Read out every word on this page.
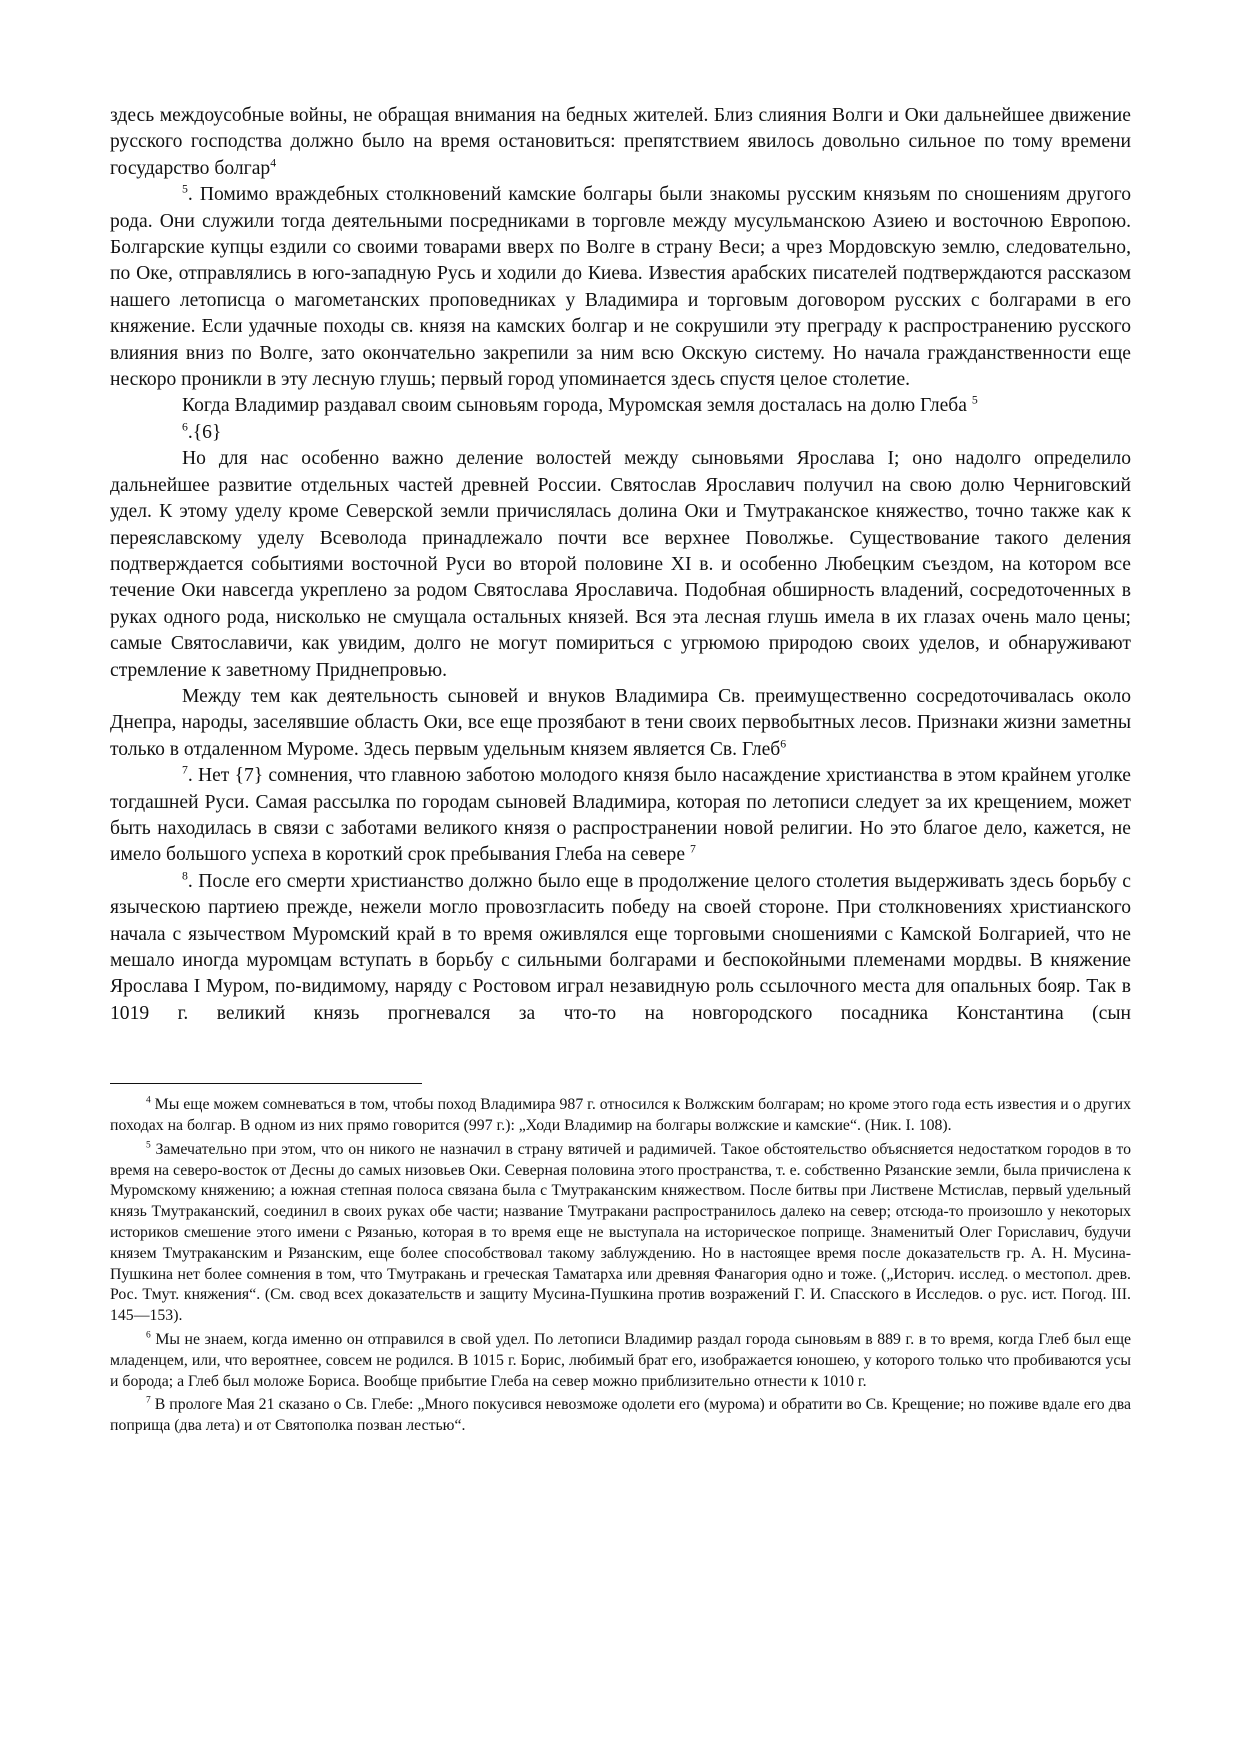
здесь междоусобные войны, не обращая внимания на бедных жителей. Близ слияния Волги и Оки дальнейшее движение русского господства должно было на время остановиться: препятствием явилось довольно сильное по тому времени государство болгар$^4$

$^5$. Помимо враждебных столкновений камские болгары были знакомы русским князьям по сношениям другого рода. Они служили тогда деятельными посредниками в торговле между мусульманскою Азиею и восточною Европою. Болгарские купцы ездили со своими товарами вверх по Волге в страну Веси; а чрез Мордовскую землю, следовательно, по Оке, отправлялись в юго-западную Русь и ходили до Киева. Известия арабских писателей подтверждаются рассказом нашего летописца о магометанских проповедниках у Владимира и торговым договором русских с болгарами в его княжение. Если удачные походы св. князя на камских болгар и не сокрушили эту преграду к распространению русского влияния вниз по Волге, зато окончательно закрепили за ним всю Окскую систему. Но начала гражданственности еще нескоро проникли в эту лесную глушь; первый город упоминается здесь спустя целое столетие.

Когда Владимир раздавал своим сыновьям города, Муромская земля досталась на долю Глеба $^5$

$^6$.{6}

Но для нас особенно важно деление волостей между сыновьями Ярослава I; оно надолго определило дальнейшее развитие отдельных частей древней России. Святослав Ярославич получил на свою долю Черниговский удел. К этому уделу кроме Северской земли причислялась долина Оки и Тмутраканское княжество, точно также как к переяславскому уделу Всеволода принадлежало почти все верхнее Поволжье. Существование такого деления подтверждается событиями восточной Руси во второй половине XI в. и особенно Любецким съездом, на котором все течение Оки навсегда укреплено за родом Святослава Ярославича. Подобная обширность владений, сосредоточенных в руках одного рода, нисколько не смущала остальных князей. Вся эта лесная глушь имела в их глазах очень мало цены; самые Святославичи, как увидим, долго не могут помириться с угрюмою природою своих уделов, и обнаруживают стремление к заветному Приднепровью.

Между тем как деятельность сыновей и внуков Владимира Св. преимущественно сосредоточивалась около Днепра, народы, заселявшие область Оки, все еще прозябают в тени своих первобытных лесов. Признаки жизни заметны только в отдаленном Муроме. Здесь первым удельным князем является Св. Глеб$^6$

$^7$. Нет {7} сомнения, что главною заботою молодого князя было насаждение христианства в этом крайнем уголке тогдашней Руси. Самая рассылка по городам сыновей Владимира, которая по летописи следует за их крещением, может быть находилась в связи с заботами великого князя о распространении новой религии. Но это благое дело, кажется, не имело большого успеха в короткий срок пребывания Глеба на севере $^7$

$^8$. После его смерти христианство должно было еще в продолжение целого столетия выдерживать здесь борьбу с языческою партиею прежде, нежели могло провозгласить победу на своей стороне. При столкновениях христианского начала с язычеством Муромский край в то время оживлялся еще торговыми сношениями с Камской Болгарией, что не мешало иногда муромцам вступать в борьбу с сильными болгарами и беспокойными племенами мордвы. В княжение Ярослава I Муром, по-видимому, наряду с Ростовом играл незавидную роль ссылочного места для опальных бояр. Так в 1019 г. великий князь прогневался за что-то на новгородского посадника Константина (сын

$^4$ Мы еще можем сомневаться в том, чтобы поход Владимира 987 г. относился к Волжским болгарам; но кроме этого года есть известия и о других походах на болгар. В одном из них прямо говорится (997 г.): „Ходи Владимир на болгары волжские и камские“. (Ник. I. 108).

$^5$ Замечательно при этом, что он никого не назначил в страну вятичей и радимичей. Такое обстоятельство объясняется недостатком городов в то время на северо-восток от Десны до самых низовьев Оки. Северная половина этого пространства, т. е. собственно Рязанские земли, была причислена к Муромскому княжению; а южная степная полоса связана была с Тмутраканским княжеством. После битвы при Листвене Мстислав, первый удельный князь Тмутраканский, соединил в своих руках обе части; название Тмутракани распространилось далеко на север; отсюда-то произошло у некоторых историков смешение этого имени с Рязанью, которая в то время еще не выступала на историческое поприще. Знаменитый Олег Гориславич, будучи князем Тмутраканским и Рязанским, еще более способствовал такому заблуждению. Но в настоящее время после доказательств гр. А. Н. Мусина-Пушкина нет более сомнения в том, что Тмутракань и греческая Таматарха или древняя Фанагория одно и тоже. („Историч. исслед. о местопол. древ. Рос. Тмут. княжения“. (См. свод всех доказательств и защиту Мусина-Пушкина против возражений Г. И. Спасского в Исследов. о рус. ист. Погод. III. 145—153).

$^6$ Мы не знаем, когда именно он отправился в свой удел. По летописи Владимир раздал города сыновьям в 889 г. в то время, когда Глеб был еще младенцем, или, что вероятнее, совсем не родился. В 1015 г. Борис, любимый брат его, изображается юношею, у которого только что пробиваются усы и борода; а Глеб был моложе Бориса. Вообще прибытие Глеба на север можно приблизительно отнести к 1010 г.

$^7$ В прологе Мая 21 сказано о Св. Глебе: „Много покусився невозможе одолети его (мурома) и обратити во Св. Крещение; но поживе вдале его два поприща (два лета) и от Святополка позван лестью“.
